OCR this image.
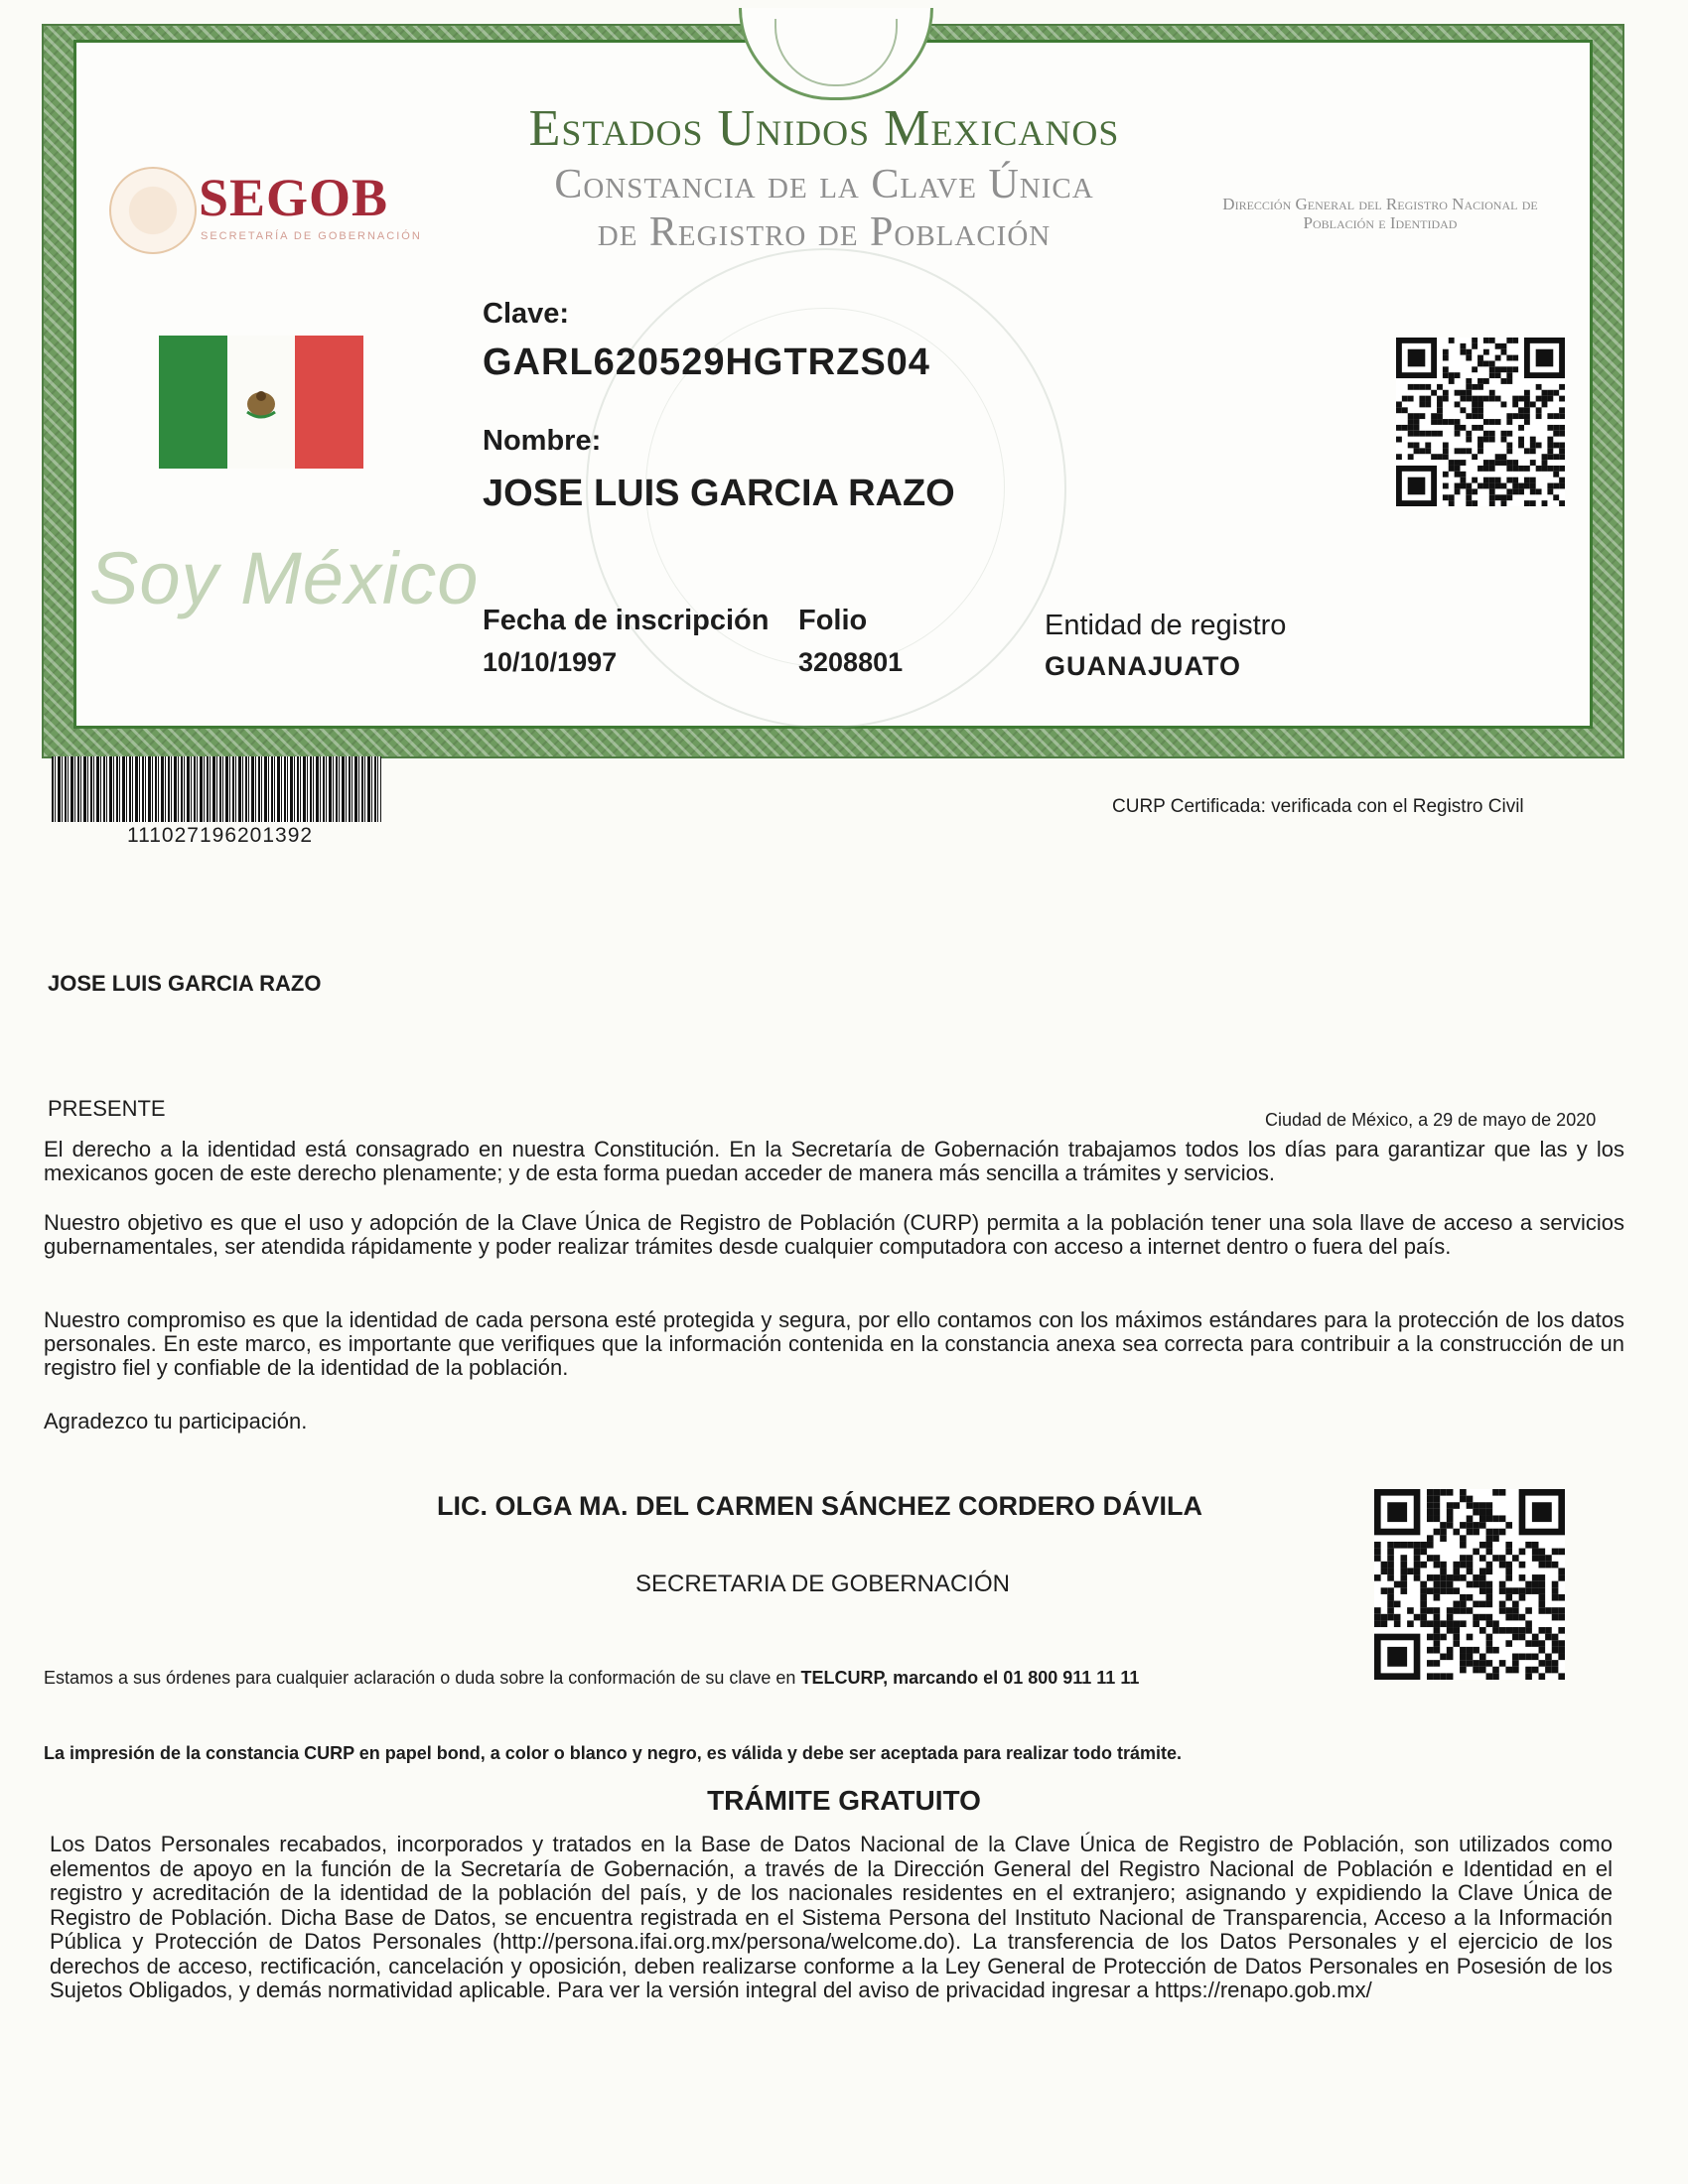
Estados Unidos Mexicanos
Constancia de la Clave Única
de Registro de Población
SEGOB
SECRETARÍA DE GOBERNACIÓN
Dirección General del Registro Nacional de Población e Identidad
Soy México
Clave:
GARL620529HGTRZS04
Nombre:
JOSE LUIS GARCIA RAZO
Fecha de inscripción
10/10/1997
Folio
3208801
Entidad de registro
GUANAJUATO
111027196201392
CURP Certificada: verificada con el Registro Civil
JOSE LUIS GARCIA RAZO
PRESENTE	Ciudad de México, a 29 de mayo de 2020
El derecho a la identidad está consagrado en nuestra Constitución. En la Secretaría de Gobernación trabajamos todos los días para garantizar que las y los mexicanos gocen de este derecho plenamente; y de esta forma puedan acceder de manera más sencilla a trámites y servicios.
Nuestro objetivo es que el uso y adopción de la Clave Única de Registro de Población (CURP) permita a la población tener una sola llave de acceso a servicios gubernamentales, ser atendida rápidamente y poder realizar trámites desde cualquier computadora con acceso a internet dentro o fuera del país.
Nuestro compromiso es que la identidad de cada persona esté protegida y segura, por ello contamos con los máximos estándares para la protección de los datos personales. En este marco, es importante que verifiques que la información contenida en la constancia anexa sea correcta para contribuir a la construcción de un registro fiel y confiable de la identidad de la población.
Agradezco tu participación.
LIC. OLGA MA. DEL CARMEN SÁNCHEZ CORDERO DÁVILA
SECRETARIA DE GOBERNACIÓN
Estamos a sus órdenes para cualquier aclaración o duda sobre la conformación de su clave en TELCURP, marcando el 01 800 911 11 11
La impresión de la constancia CURP en papel bond, a color o blanco y negro, es válida y debe ser aceptada para realizar todo trámite.
TRÁMITE GRATUITO
Los Datos Personales recabados, incorporados y tratados en la Base de Datos Nacional de la Clave Única de Registro de Población, son utilizados como elementos de apoyo en la función de la Secretaría de Gobernación, a través de la Dirección General del Registro Nacional de Población e Identidad en el registro y acreditación de la identidad de la población del país, y de los nacionales residentes en el extranjero; asignando y expidiendo la Clave Única de Registro de Población. Dicha Base de Datos, se encuentra registrada en el Sistema Persona del Instituto Nacional de Transparencia, Acceso a la Información Pública y Protección de Datos Personales (http://persona.ifai.org.mx/persona/welcome.do). La transferencia de los Datos Personales y el ejercicio de los derechos de acceso, rectificación, cancelación y oposición, deben realizarse conforme a la Ley General de Protección de Datos Personales en Posesión de los Sujetos Obligados, y demás normatividad aplicable. Para ver la versión integral del aviso de privacidad ingresar a https://renapo.gob.mx/
